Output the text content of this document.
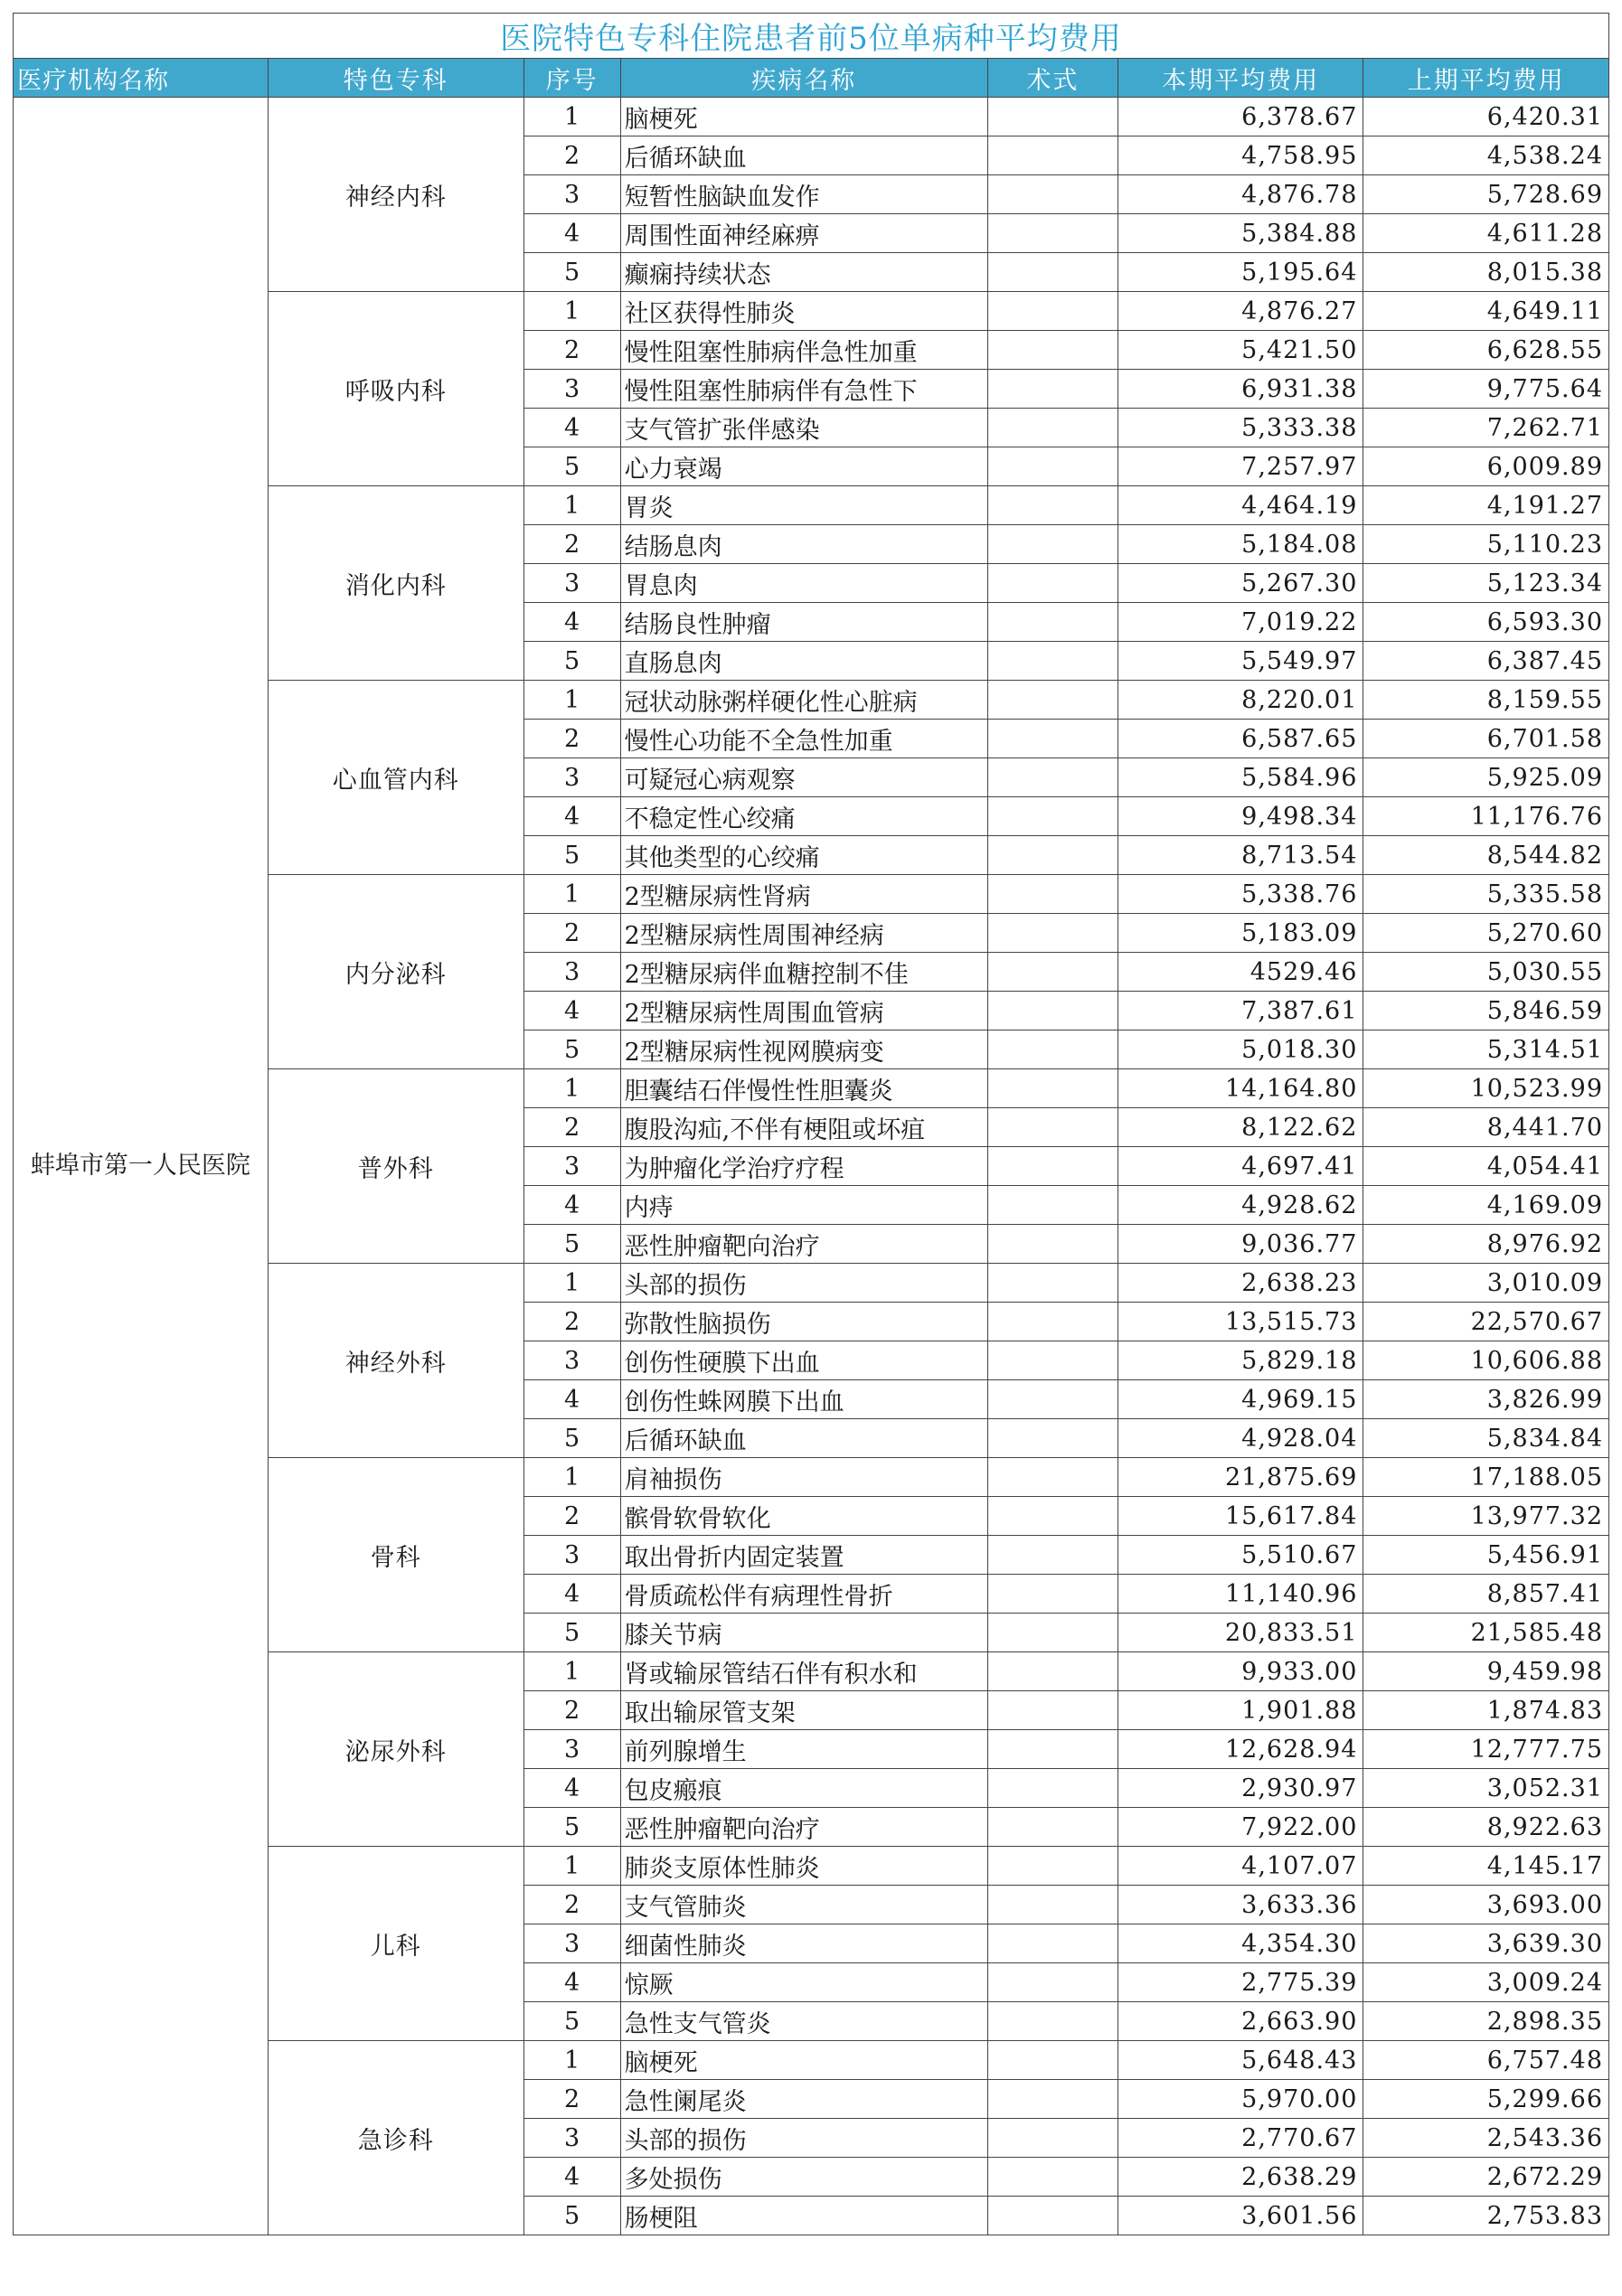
医院特色专科住院患者前5位单病种平均费用						
医疗机构名称	特色专科	序号	疾病名称	术式	本期平均费用	上期平均费用
蚌埠市第一人民医院	神经内科	1	脑梗死		6,378.67	6,420.31
		2	后循环缺血		4,758.95	4,538.24
		3	短暂性脑缺血发作		4,876.78	5,728.69
		4	周围性面神经麻痹		5,384.88	4,611.28
		5	癫痫持续状态		5,195.64	8,015.38
	呼吸内科	1	社区获得性肺炎		4,876.27	4,649.11
		2	慢性阻塞性肺病伴急性加重		5,421.50	6,628.55
		3	慢性阻塞性肺病伴有急性下		6,931.38	9,775.64
		4	支气管扩张伴感染		5,333.38	7,262.71
		5	心力衰竭		7,257.97	6,009.89
	消化内科	1	胃炎		4,464.19	4,191.27
		2	结肠息肉		5,184.08	5,110.23
		3	胃息肉		5,267.30	5,123.34
		4	结肠良性肿瘤		7,019.22	6,593.30
		5	直肠息肉		5,549.97	6,387.45
	心血管内科	1	冠状动脉粥样硬化性心脏病		8,220.01	8,159.55
		2	慢性心功能不全急性加重		6,587.65	6,701.58
		3	可疑冠心病观察		5,584.96	5,925.09
		4	不稳定性心绞痛		9,498.34	11,176.76
		5	其他类型的心绞痛		8,713.54	8,544.82
	内分泌科	1	2型糖尿病性肾病		5,338.76	5,335.58
		2	2型糖尿病性周围神经病		5,183.09	5,270.60
		3	2型糖尿病伴血糖控制不佳		4529.46	5,030.55
		4	2型糖尿病性周围血管病		7,387.61	5,846.59
		5	2型糖尿病性视网膜病变		5,018.30	5,314.51
	普外科	1	胆囊结石伴慢性性胆囊炎		14,164.80	10,523.99
		2	腹股沟疝,不伴有梗阻或坏疽		8,122.62	8,441.70
		3	为肿瘤化学治疗疗程		4,697.41	4,054.41
		4	内痔		4,928.62	4,169.09
		5	恶性肿瘤靶向治疗		9,036.77	8,976.92
	神经外科	1	头部的损伤		2,638.23	3,010.09
		2	弥散性脑损伤		13,515.73	22,570.67
		3	创伤性硬膜下出血		5,829.18	10,606.88
		4	创伤性蛛网膜下出血		4,969.15	3,826.99
		5	后循环缺血		4,928.04	5,834.84
	骨科	1	肩袖损伤		21,875.69	17,188.05
		2	髌骨软骨软化		15,617.84	13,977.32
		3	取出骨折内固定装置		5,510.67	5,456.91
		4	骨质疏松伴有病理性骨折		11,140.96	8,857.41
		5	膝关节病		20,833.51	21,585.48
	泌尿外科	1	肾或输尿管结石伴有积水和		9,933.00	9,459.98
		2	取出输尿管支架		1,901.88	1,874.83
		3	前列腺增生		12,628.94	12,777.75
		4	包皮瘢痕		2,930.97	3,052.31
		5	恶性肿瘤靶向治疗		7,922.00	8,922.63
	儿科	1	肺炎支原体性肺炎		4,107.07	4,145.17
		2	支气管肺炎		3,633.36	3,693.00
		3	细菌性肺炎		4,354.30	3,639.30
		4	惊厥		2,775.39	3,009.24
		5	急性支气管炎		2,663.90	2,898.35
	急诊科	1	脑梗死		5,648.43	6,757.48
		2	急性阑尾炎		5,970.00	5,299.66
		3	头部的损伤		2,770.67	2,543.36
		4	多处损伤		2,638.29	2,672.29
		5	肠梗阻		3,601.56	2,753.83
